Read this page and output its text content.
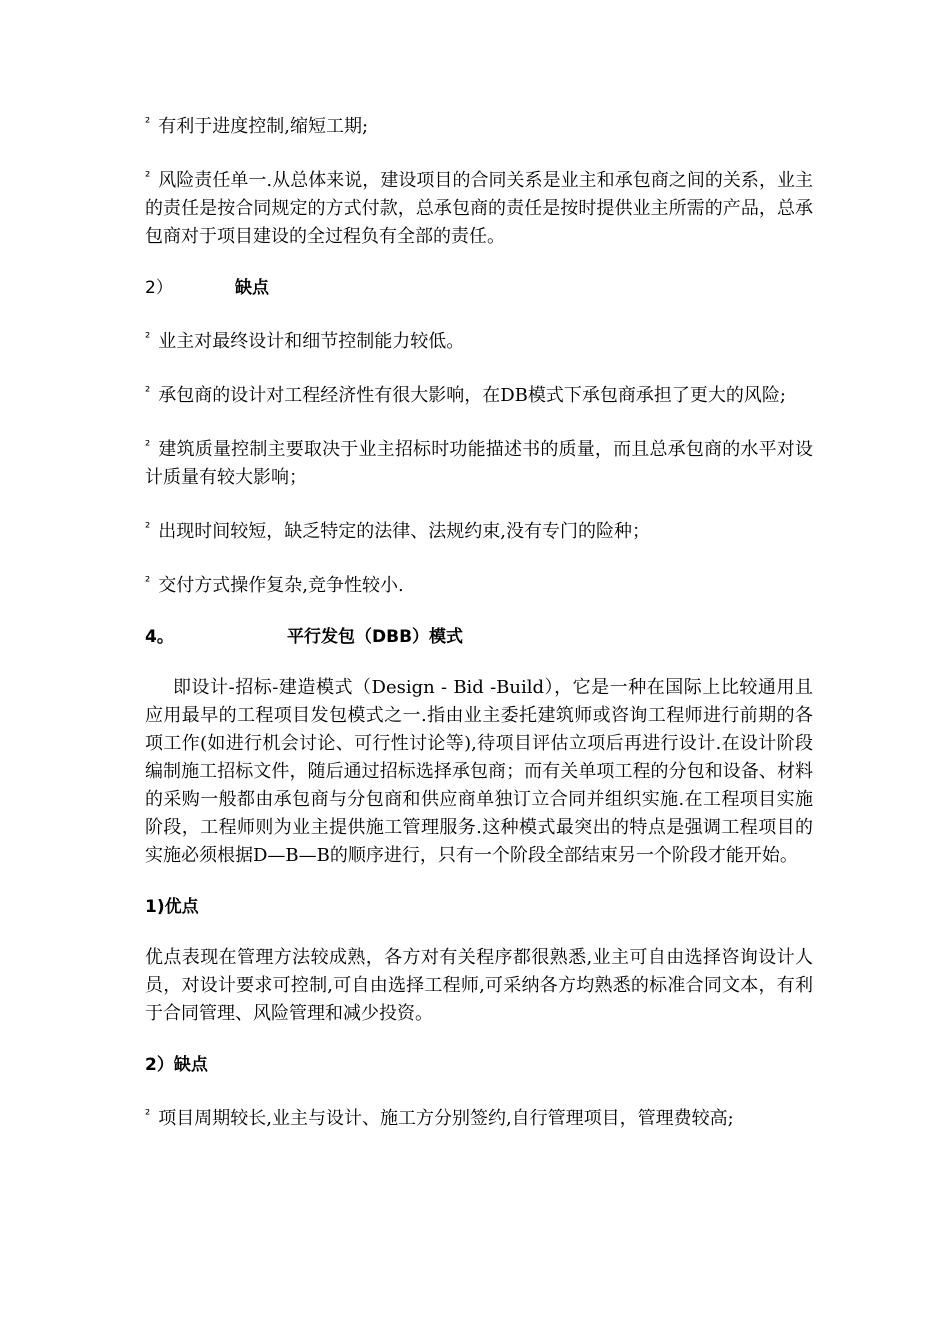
$^{^2}$ 有利于进度控制,缩短工期;

$^{^2}$ 风险责任单一.从总体来说，建设项目的合同关系是业主和承包商之间的关系，业主的责任是按合同规定的方式付款，总承包商的责任是按时提供业主所需的产品，总承包商对于项目建设的全过程负有全部的责任。

2）	缺点

$^{^2}$ 业主对最终设计和细节控制能力较低。

$^{^2}$ 承包商的设计对工程经济性有很大影响，在DB模式下承包商承担了更大的风险;

$^{^2}$ 建筑质量控制主要取决于业主招标时功能描述书的质量，而且总承包商的水平对设计质量有较大影响；

$^{^2}$ 出现时间较短，缺乏特定的法律、法规约束,没有专门的险种；

$^{^2}$ 交付方式操作复杂,竞争性较小.

4。	平行发包（DBB）模式

即设计-招标-建造模式（Design - Bid -Build），它是一种在国际上比较通用且应用最早的工程项目发包模式之一.指由业主委托建筑师或咨询工程师进行前期的各项工作(如进行机会讨论、可行性讨论等),待项目评估立项后再进行设计.在设计阶段编制施工招标文件，随后通过招标选择承包商；而有关单项工程的分包和设备、材料的采购一般都由承包商与分包商和供应商单独订立合同并组织实施.在工程项目实施阶段，工程师则为业主提供施工管理服务.这种模式最突出的特点是强调工程项目的实施必须根据D—B—B的顺序进行，只有一个阶段全部结束另一个阶段才能开始。

1)优点

优点表现在管理方法较成熟，各方对有关程序都很熟悉,业主可自由选择咨询设计人员，对设计要求可控制,可自由选择工程师,可采纳各方均熟悉的标准合同文本，有利于合同管理、风险管理和减少投资。

2）缺点

$^{^2}$ 项目周期较长,业主与设计、施工方分别签约,自行管理项目，管理费较高;
